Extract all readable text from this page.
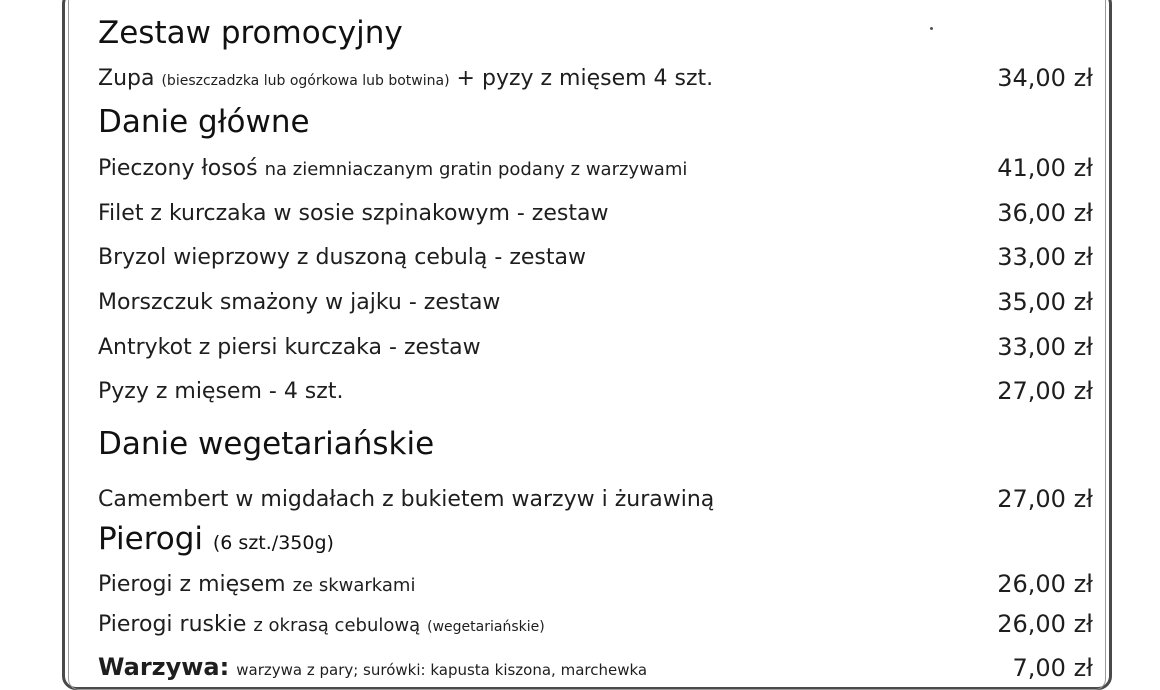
Zestaw promocyjny
Zupa (bieszczadzka lub ogórkowa lub botwina) + pyzy z mięsem 4 szt.	34,00 zł
Danie główne
Pieczony łosoś na ziemniaczanym gratin podany z warzywami	41,00 zł
Filet z kurczaka w sosie szpinakowym - zestaw	36,00 zł
Bryzol wieprzowy z duszoną cebulą - zestaw	33,00 zł
Morszczuk smażony w jajku - zestaw	35,00 zł
Antrykot z piersi kurczaka - zestaw	33,00 zł
Pyzy z mięsem - 4 szt.	27,00 zł
Danie wegetariańskie
Camembert w migdałach z bukietem warzyw i żurawiną	27,00 zł
Pierogi (6 szt./350g)
Pierogi z mięsem ze skwarkami	26,00 zł
Pierogi ruskie z okrasą cebulową (wegetariańskie)	26,00 zł
Warzywa: warzywa z pary; surówki: kapusta kiszona, marchewka	7,00 zł
